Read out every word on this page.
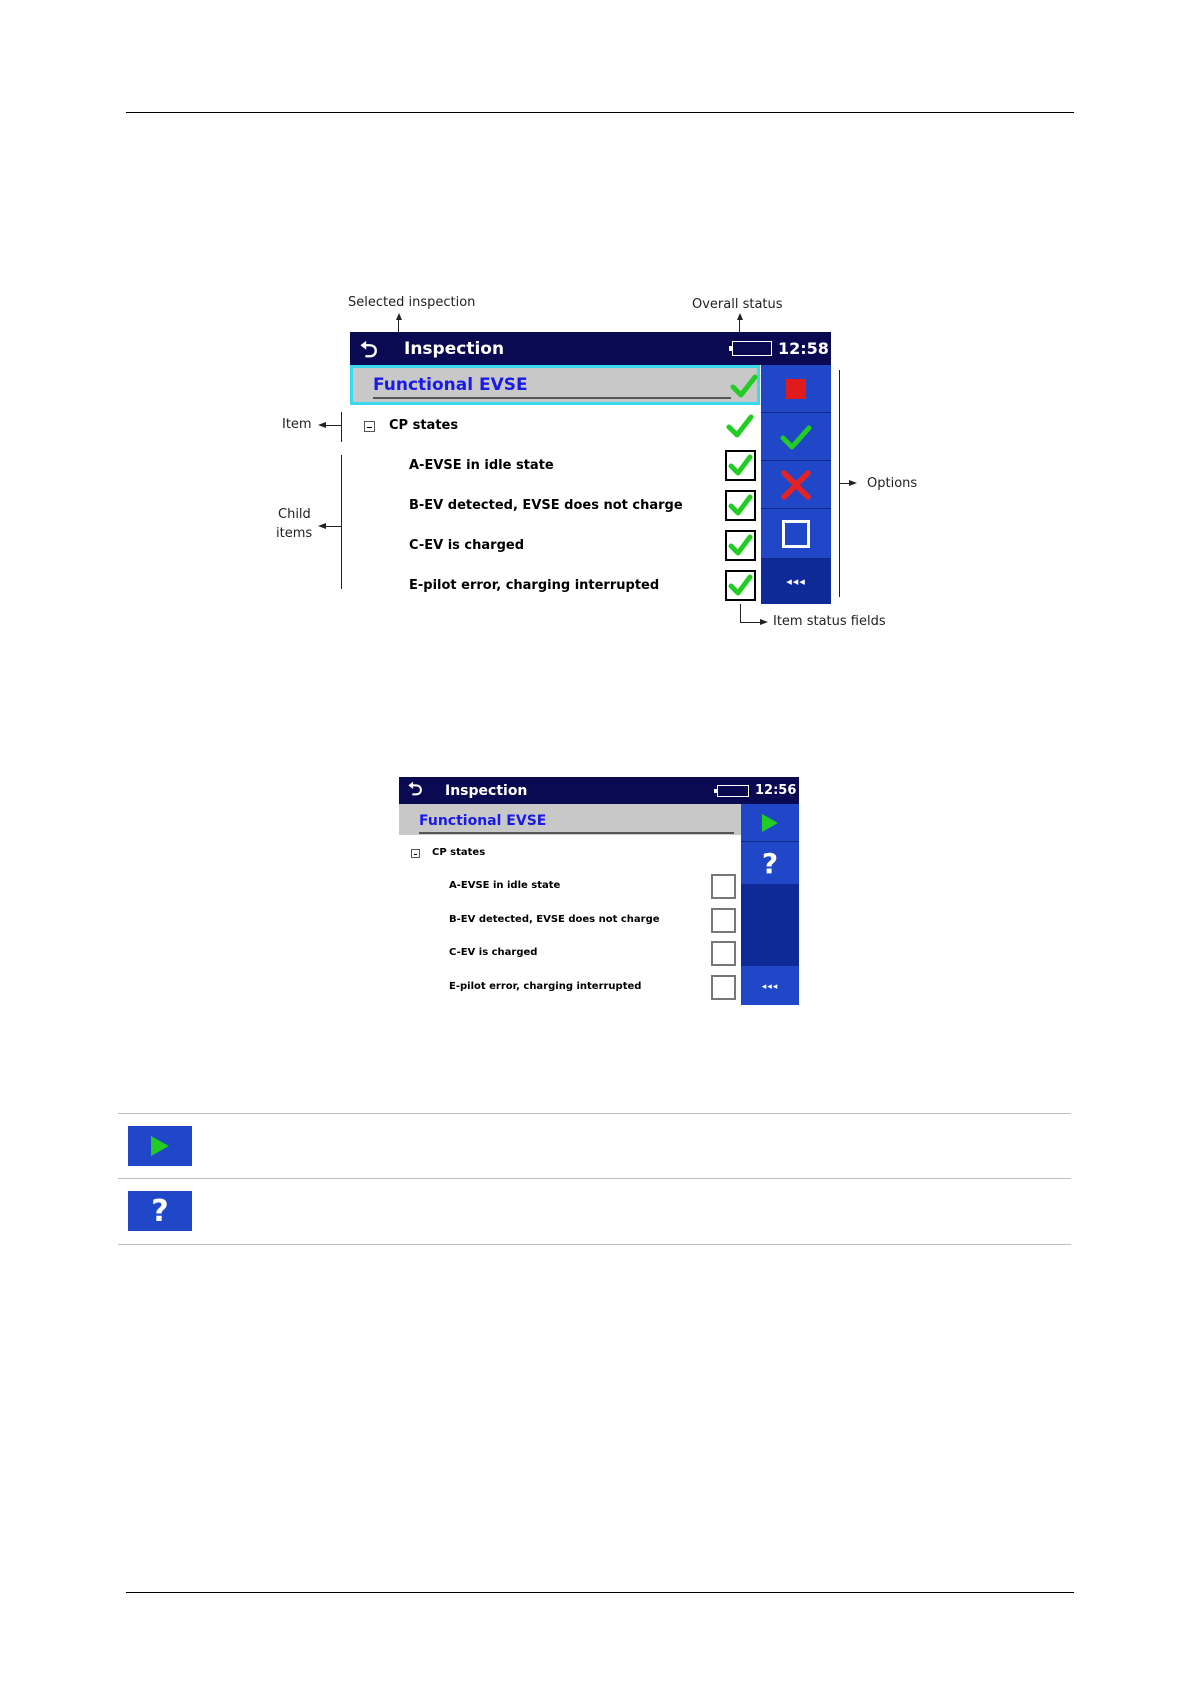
Selected inspection	Overall status
Item
Child
items
Options
Item status fields
⮌ Inspection	12:58
Functional EVSE
CP states
A-EVSE in idle state
B-EV detected, EVSE does not charge
C-EV is charged
E-pilot error, charging interrupted	◂◂◂
⮌ Inspection	12:56
Functional EVSE
CP states
A-EVSE in idle state
B-EV detected, EVSE does not charge
C-EV is charged
E-pilot error, charging interrupted
?
◂◂◂
?
